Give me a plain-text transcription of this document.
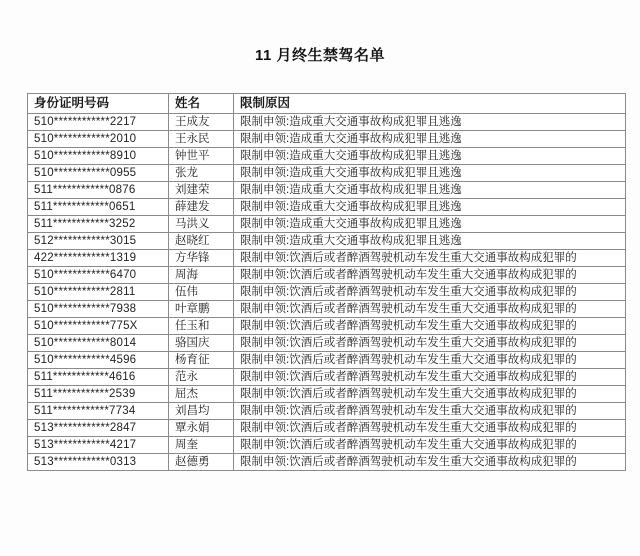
11 月终生禁驾名单
身份证明号码	姓名	限制原因
510************2217	王成友	限制申领:造成重大交通事故构成犯罪且逃逸
510************2010	王永民	限制申领:造成重大交通事故构成犯罪且逃逸
510************8910	钟世平	限制申领:造成重大交通事故构成犯罪且逃逸
510************0955	张龙	限制申领:造成重大交通事故构成犯罪且逃逸
511************0876	刘建荣	限制申领:造成重大交通事故构成犯罪且逃逸
511************0651	薛建发	限制申领:造成重大交通事故构成犯罪且逃逸
511************3252	马洪义	限制申领:造成重大交通事故构成犯罪且逃逸
512************3015	赵晓红	限制申领:造成重大交通事故构成犯罪且逃逸
422************1319	方华锋	限制申领:饮酒后或者醉酒驾驶机动车发生重大交通事故构成犯罪的
510************6470	周海	限制申领:饮酒后或者醉酒驾驶机动车发生重大交通事故构成犯罪的
510************2811	伍伟	限制申领:饮酒后或者醉酒驾驶机动车发生重大交通事故构成犯罪的
510************7938	叶章鹏	限制申领:饮酒后或者醉酒驾驶机动车发生重大交通事故构成犯罪的
510************775X	任玉和	限制申领:饮酒后或者醉酒驾驶机动车发生重大交通事故构成犯罪的
510************8014	骆国庆	限制申领:饮酒后或者醉酒驾驶机动车发生重大交通事故构成犯罪的
510************4596	杨育征	限制申领:饮酒后或者醉酒驾驶机动车发生重大交通事故构成犯罪的
511************4616	范永	限制申领:饮酒后或者醉酒驾驶机动车发生重大交通事故构成犯罪的
511************2539	屈杰	限制申领:饮酒后或者醉酒驾驶机动车发生重大交通事故构成犯罪的
511************7734	刘昌均	限制申领:饮酒后或者醉酒驾驶机动车发生重大交通事故构成犯罪的
513************2847	覃永娟	限制申领:饮酒后或者醉酒驾驶机动车发生重大交通事故构成犯罪的
513************4217	周奎	限制申领:饮酒后或者醉酒驾驶机动车发生重大交通事故构成犯罪的
513************0313	赵德勇	限制申领:饮酒后或者醉酒驾驶机动车发生重大交通事故构成犯罪的
